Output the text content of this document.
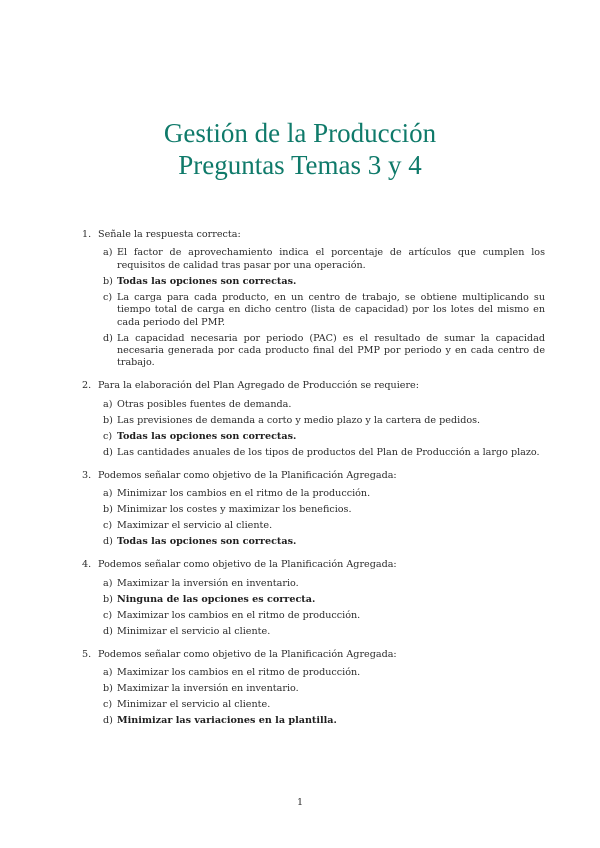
Gestión de la Producción
Preguntas Temas 3 y 4
1. Señale la respuesta correcta:
a) El factor de aprovechamiento indica el porcentaje de artículos que cumplen los requisitos de calidad tras pasar por una operación.
b) Todas las opciones son correctas.
c) La carga para cada producto, en un centro de trabajo, se obtiene multiplicando su tiempo total de carga en dicho centro (lista de capacidad) por los lotes del mismo en cada periodo del PMP.
d) La capacidad necesaria por periodo (PAC) es el resultado de sumar la capacidad necesaria generada por cada producto final del PMP por periodo y en cada centro de trabajo.
2. Para la elaboración del Plan Agregado de Producción se requiere:
a) Otras posibles fuentes de demanda.
b) Las previsiones de demanda a corto y medio plazo y la cartera de pedidos.
c) Todas las opciones son correctas.
d) Las cantidades anuales de los tipos de productos del Plan de Producción a largo plazo.
3. Podemos señalar como objetivo de la Planificación Agregada:
a) Minimizar los cambios en el ritmo de la producción.
b) Minimizar los costes y maximizar los beneficios.
c) Maximizar el servicio al cliente.
d) Todas las opciones son correctas.
4. Podemos señalar como objetivo de la Planificación Agregada:
a) Maximizar la inversión en inventario.
b) Ninguna de las opciones es correcta.
c) Maximizar los cambios en el ritmo de producción.
d) Minimizar el servicio al cliente.
5. Podemos señalar como objetivo de la Planificación Agregada:
a) Maximizar los cambios en el ritmo de producción.
b) Maximizar la inversión en inventario.
c) Minimizar el servicio al cliente.
d) Minimizar las variaciones en la plantilla.
1
